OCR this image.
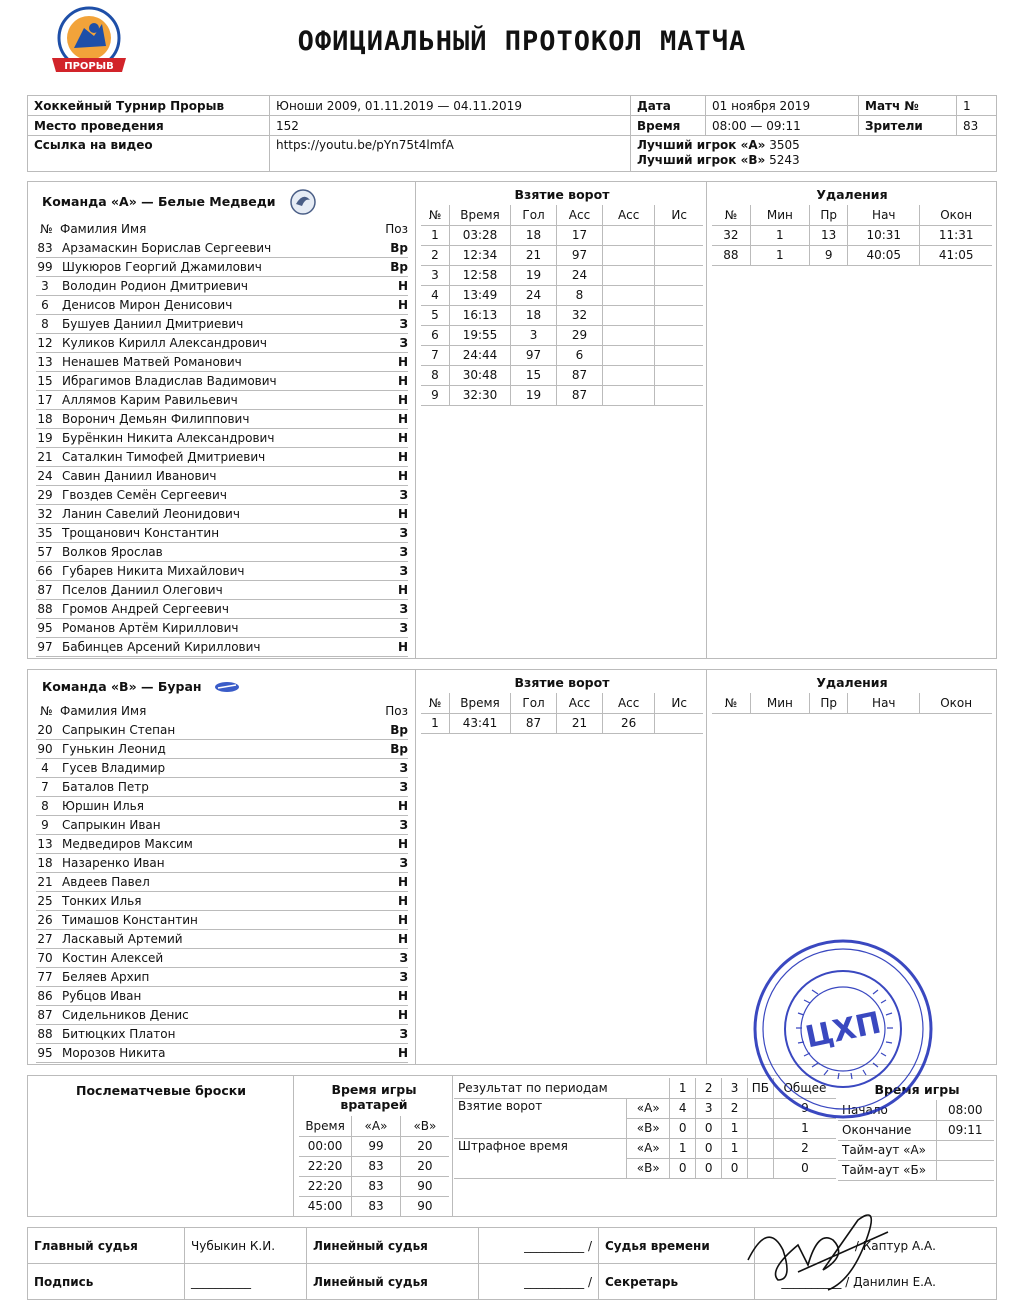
ПРОРЫВ
ОФИЦИАЛЬНЫЙ ПРОТОКОЛ МАТЧА
Хоккейный Турнир Прорыв	Юноши 2009, 01.11.2019 — 04.11.2019	Дата	01 ноября 2019	Матч №	1
Место проведения	152	Время	08:00 — 09:11	Зрители	83
Ссылка на видео	https://youtu.be/pYn75t4lmfA	Лучший игрок «А» 3505
Лучший игрок «В» 5243			
Команда «А» — Белые Медведи
№ Фамилия Имя	Поз
83 Арзамаскин Борислав Сергеевич	Вр
99 Шукюров Георгий Джамилович	Вр
3	Володин Родион Дмитриевич	Н
6	Денисов Мирон Денисович	Н
8	Бушуев Даниил Дмитриевич	З
12 Куликов Кирилл Александрович	З
13 Ненашев Матвей Романович	Н
15 Ибрагимов Владислав Вадимович	Н
17 Аллямов Карим Равильевич	Н
18 Воронич Демьян Филиппович	Н
19 Бурёнкин Никита Александрович	Н
21 Саталкин Тимофей Дмитриевич	Н
24 Савин Даниил Иванович	Н
29 Гвоздев Семён Сергеевич	З
32 Ланин Савелий Леонидович	Н
35 Трощанович Константин	З
57 Волков Ярослав	З
66 Губарев Никита Михайлович	З
87 Пселов Даниил Олегович	Н
88 Громов Андрей Сергеевич	З
95 Романов Артём Кириллович	З
97 Бабинцев Арсений Кириллович	Н
Взятие ворот
№	Время	Гол	Асс	Асс	Ис
1	03:28	18	17		
2	12:34	21	97		
3	12:58	19	24		
4	13:49	24	8		
5	16:13	18	32		
6	19:55	3	29		
7	24:44	97	6		
8	30:48	15	87		
9	32:30	19	87		
Удаления
№	Мин	Пр	Нач	Окон
32	1	13	10:31	11:31
88	1	9	40:05	41:05
Команда «В» — Буран
№ Фамилия Имя	Поз
20 Сапрыкин Степан	Вр
90 Гунькин Леонид	Вр
4	Гусев Владимир	З
7	Баталов Петр	З
8	Юршин Илья	Н
9	Сапрыкин Иван	З
13 Медведиров Максим	Н
18 Назаренко Иван	З
21 Авдеев Павел	Н
25 Тонких Илья	Н
26 Тимашов Константин	Н
27 Ласкавый Артемий	Н
70 Костин Алексей	З
77 Беляев Архип	З
86 Рубцов Иван	Н
87 Сидельников Денис	Н
88 Битюцких Платон	З
95 Морозов Никита	Н
Взятие ворот
№	Время	Гол	Асс	Асс	Ис
1	43:41	87	21	26	
Удаления
№	Мин	Пр	Нач	Окон
Послематчевые броски	Время игры вратарей
Время	«А»	«В»
00:00	99	20
22:20	83	20
22:20	83	90
45:00	83	90
Результат по периодам		1	2	3	ПБ	Общее
Взятие ворот	«А»	4	3	2		9
	«В»	0	0	1		1
Штрафное время	«А»	1	0	1		2
	«В»	0	0	0		0
Время игры
Начало	08:00
Окончание	09:11
Тайм-аут «А»	
Тайм-аут «Б»	
Главный судья	Чубыкин К.И.	Линейный судья	__________ /	Судья времени	/ Каптур А.А.
Подпись	__________	Линейный судья	__________ /	Секретарь	__________ / Данилин Е.А.
ЦХП
